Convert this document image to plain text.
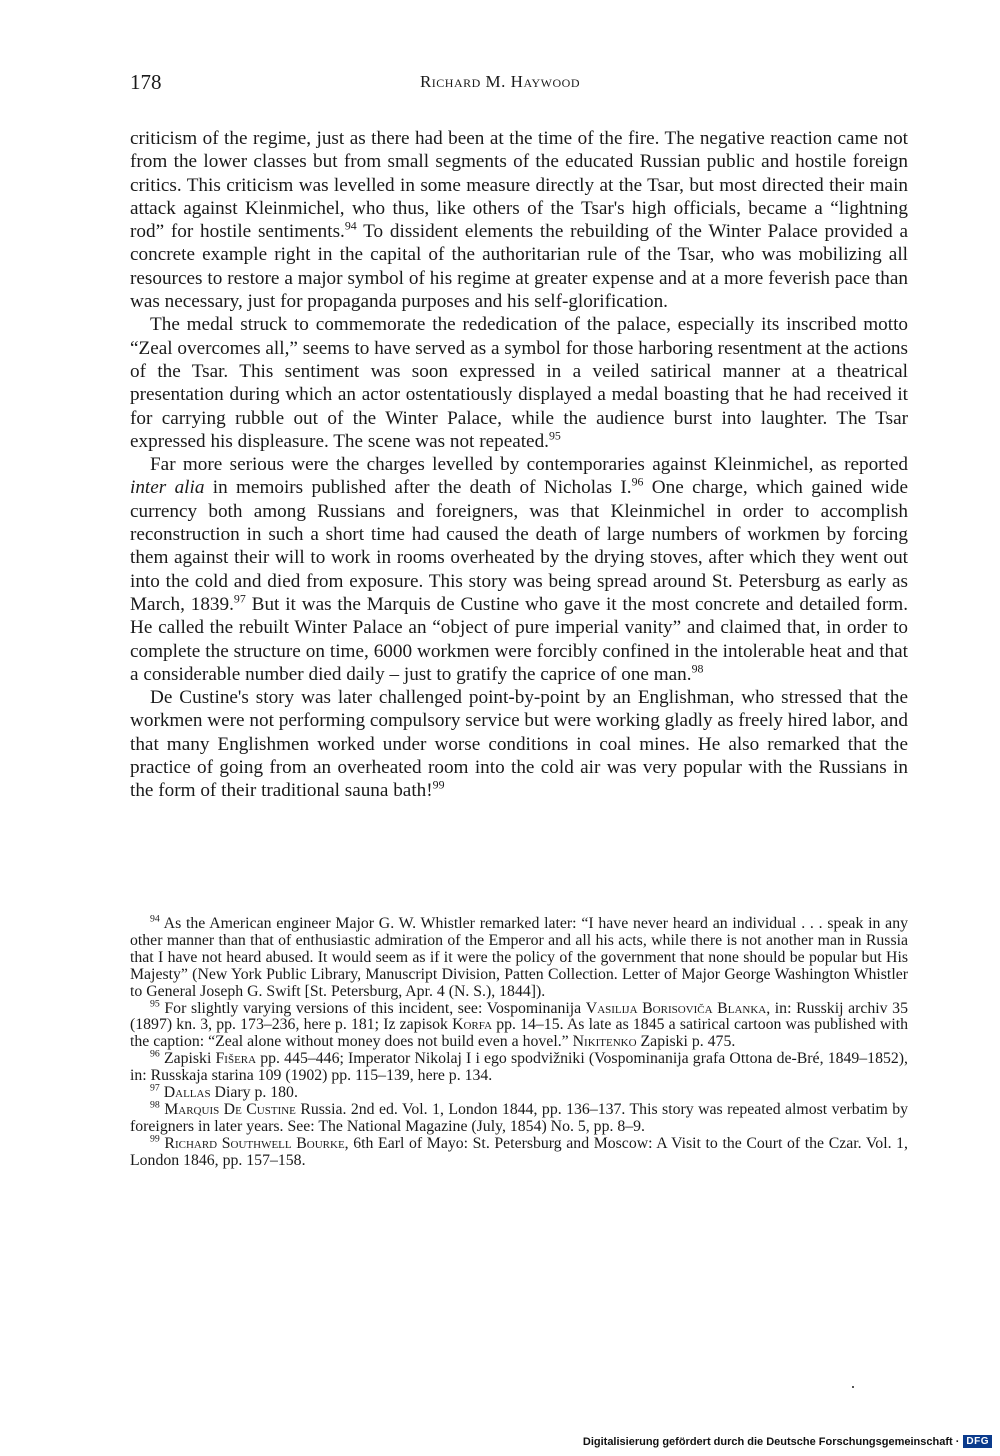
178	Richard M. Haywood

criticism of the regime, just as there had been at the time of the fire. The negative reaction came not from the lower classes but from small segments of the educated Russian public and hostile foreign critics. This criticism was levelled in some measure directly at the Tsar, but most directed their main attack against Kleinmichel, who thus, like others of the Tsar's high officials, became a “lightning rod” for hostile sentiments.$^{94}$ To dissident elements the rebuilding of the Winter Palace provided a concrete example right in the capital of the authoritarian rule of the Tsar, who was mobilizing all resources to restore a major symbol of his regime at greater expense and at a more feverish pace than was necessary, just for propaganda purposes and his self-glorification.

The medal struck to commemorate the rededication of the palace, especially its inscribed motto “Zeal overcomes all,” seems to have served as a symbol for those harboring resentment at the actions of the Tsar. This sentiment was soon expressed in a veiled satirical manner at a theatrical presentation during which an actor ostentatiously displayed a medal boasting that he had received it for carrying rubble out of the Winter Palace, while the audience burst into laughter. The Tsar expressed his displeasure. The scene was not repeated.$^{95}$

Far more serious were the charges levelled by contemporaries against Kleinmichel, as reported inter alia in memoirs published after the death of Nicholas I.$^{96}$ One charge, which gained wide currency both among Russians and foreigners, was that Kleinmichel in order to accomplish reconstruction in such a short time had caused the death of large numbers of workmen by forcing them against their will to work in rooms overheated by the drying stoves, after which they went out into the cold and died from exposure. This story was being spread around St. Petersburg as early as March, 1839.97 But it was the Marquis de Custine who gave it the most concrete and detailed form. He called the rebuilt Winter Palace an “object of pure imperial vanity” and claimed that, in order to complete the structure on time, 6000 workmen were forcibly confined in the intolerable heat and that a considerable number died daily – just to gratify the caprice of one man.$^{98}$

De Custine's story was later challenged point-by-point by an Englishman, who stressed that the workmen were not performing compulsory service but were working gladly as freely hired labor, and that many Englishmen worked under worse conditions in coal mines. He also remarked that the practice of going from an overheated room into the cold air was very popular with the Russians in the form of their traditional sauna bath!$^{99}$

$^{94}$ As the American engineer Major G. W. Whistler remarked later: “I have never heard an individual . . . speak in any other manner than that of enthusiastic admiration of the Emperor and all his acts, while there is not another man in Russia that I have not heard abused. It would seem as if it were the policy of the government that none should be popular but His Majesty” (New York Public Library, Manuscript Division, Patten Collection. Letter of Major George Washington Whistler to General Joseph G. Swift [St. Petersburg, Apr. 4 (N. S.), 1844]).

$^{95}$ For slightly varying versions of this incident, see: Vospominanija Vasilija Borisoviča Blanka, in: Russkij archiv 35 (1897) kn. 3, pp. 173–236, here p. 181; Iz zapisok Korfa pp. 14–15. As late as 1845 a satirical cartoon was published with the caption: “Zeal alone without money does not build even a hovel.” Nikitenko Zapiski p. 475.

$^{96}$ Zapiski Fišera pp. 445–446; Imperator Nikolaj I i ego spodvižniki (Vospominanija grafa Ottona de-Bré, 1849–1852), in: Russkaja starina 109 (1902) pp. 115–139, here p. 134.

$^{97}$ Dallas Diary p. 180.

$^{98}$ Marquis De Custine Russia. 2nd ed. Vol. 1, London 1844, pp. 136–137. This story was repeated almost verbatim by foreigners in later years. See: The National Magazine (July, 1854) No. 5, pp. 8–9.

$^{99}$ Richard Southwell Bourke, 6th Earl of Mayo: St. Petersburg and Moscow: A Visit to the Court of the Czar. Vol. 1, London 1846, pp. 157–158.

Digitalisierung gefördert durch die Deutsche Forschungsgemeinschaft · DFG
